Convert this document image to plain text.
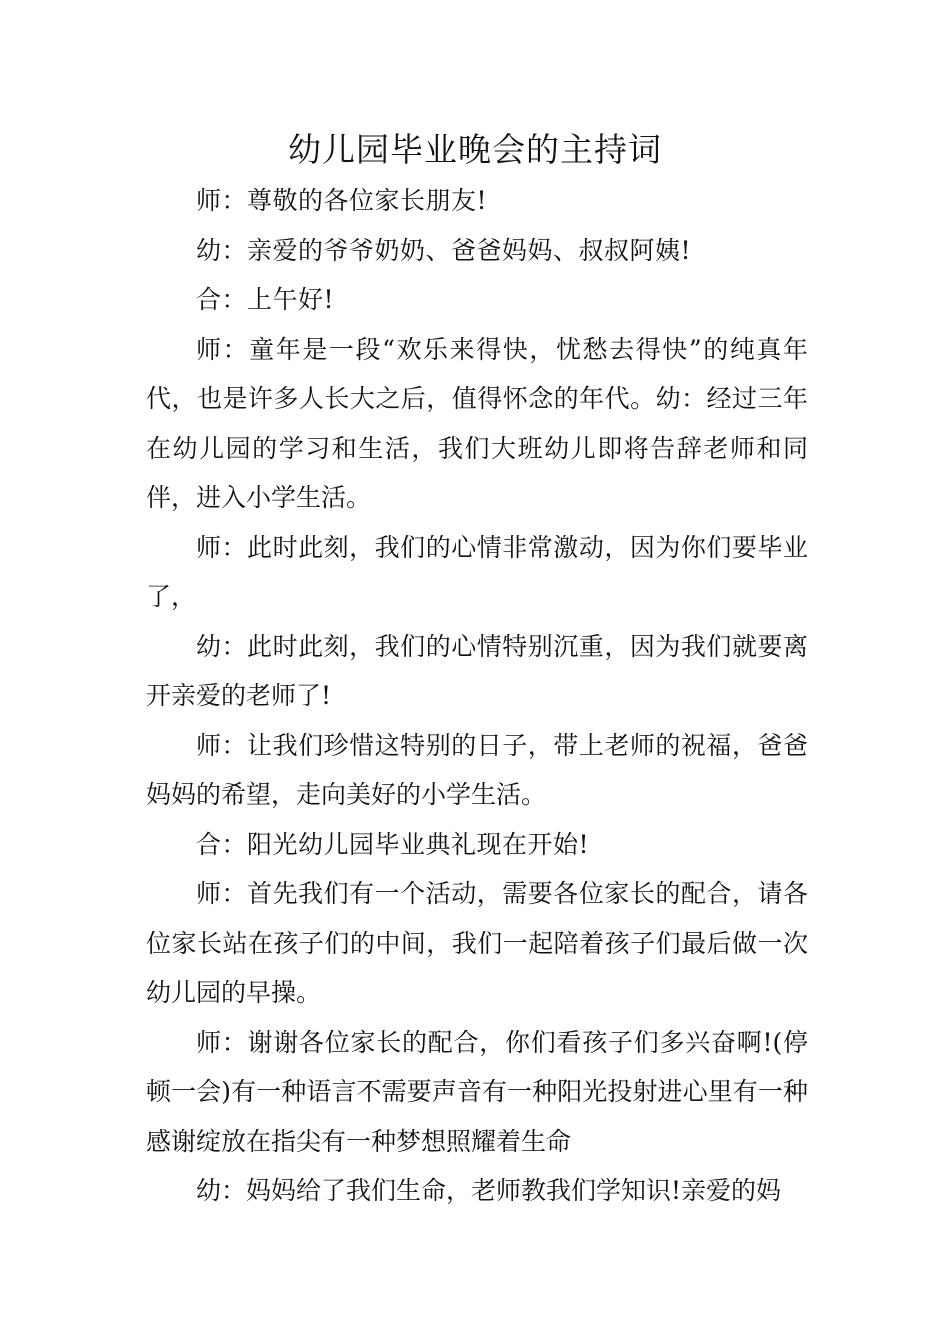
幼儿园毕业晚会的主持词

师：尊敬的各位家长朋友!

幼：亲爱的爷爷奶奶、爸爸妈妈、叔叔阿姨!

合：上午好!

师：童年是一段“欢乐来得快，忧愁去得快”的纯真年代，也是许多人长大之后，值得怀念的年代。幼：经过三年在幼儿园的学习和生活，我们大班幼儿即将告辞老师和同伴，进入小学生活。

师：此时此刻，我们的心情非常激动，因为你们要毕业了，

幼：此时此刻，我们的心情特别沉重，因为我们就要离开亲爱的老师了!

师：让我们珍惜这特别的日子，带上老师的祝福，爸爸妈妈的希望，走向美好的小学生活。

合：阳光幼儿园毕业典礼现在开始!

师：首先我们有一个活动，需要各位家长的配合，请各位家长站在孩子们的中间，我们一起陪着孩子们最后做一次幼儿园的早操。

师：谢谢各位家长的配合，你们看孩子们多兴奋啊!(停顿一会)有一种语言不需要声音有一种阳光投射进心里有一种感谢绽放在指尖有一种梦想照耀着生命

幼：妈妈给了我们生命，老师教我们学知识!亲爱的妈
